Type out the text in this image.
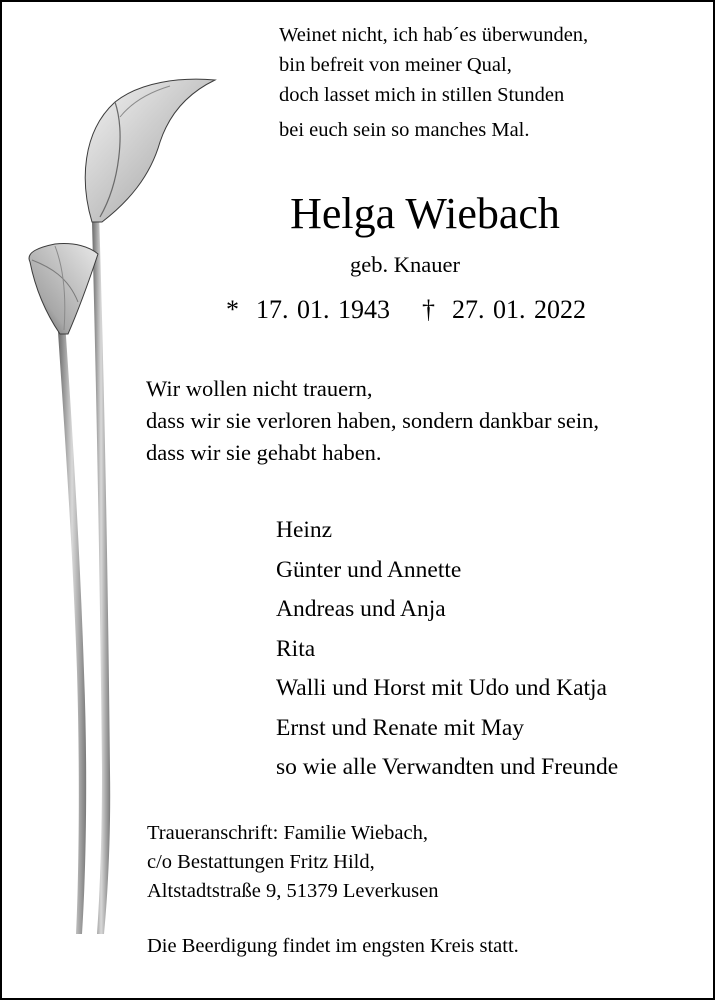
Weinet nicht, ich hab´es überwunden,
bin befreit von meiner Qual,
doch lasset mich in stillen Stunden
bei euch sein so manches Mal.
Helga Wiebach
geb. Knauer
* 17. 01. 1943 † 27. 01. 2022
Wir wollen nicht trauern,
dass wir sie verloren haben, sondern dankbar sein,
dass wir sie gehabt haben.
Heinz
Günter und Annette
Andreas und Anja
Rita
Walli und Horst mit Udo und Katja
Ernst und Renate mit May
so wie alle Verwandten und Freunde
Traueranschrift: Familie Wiebach,
c/o Bestattungen Fritz Hild,
Altstadtstraße 9, 51379 Leverkusen
Die Beerdigung findet im engsten Kreis statt.
